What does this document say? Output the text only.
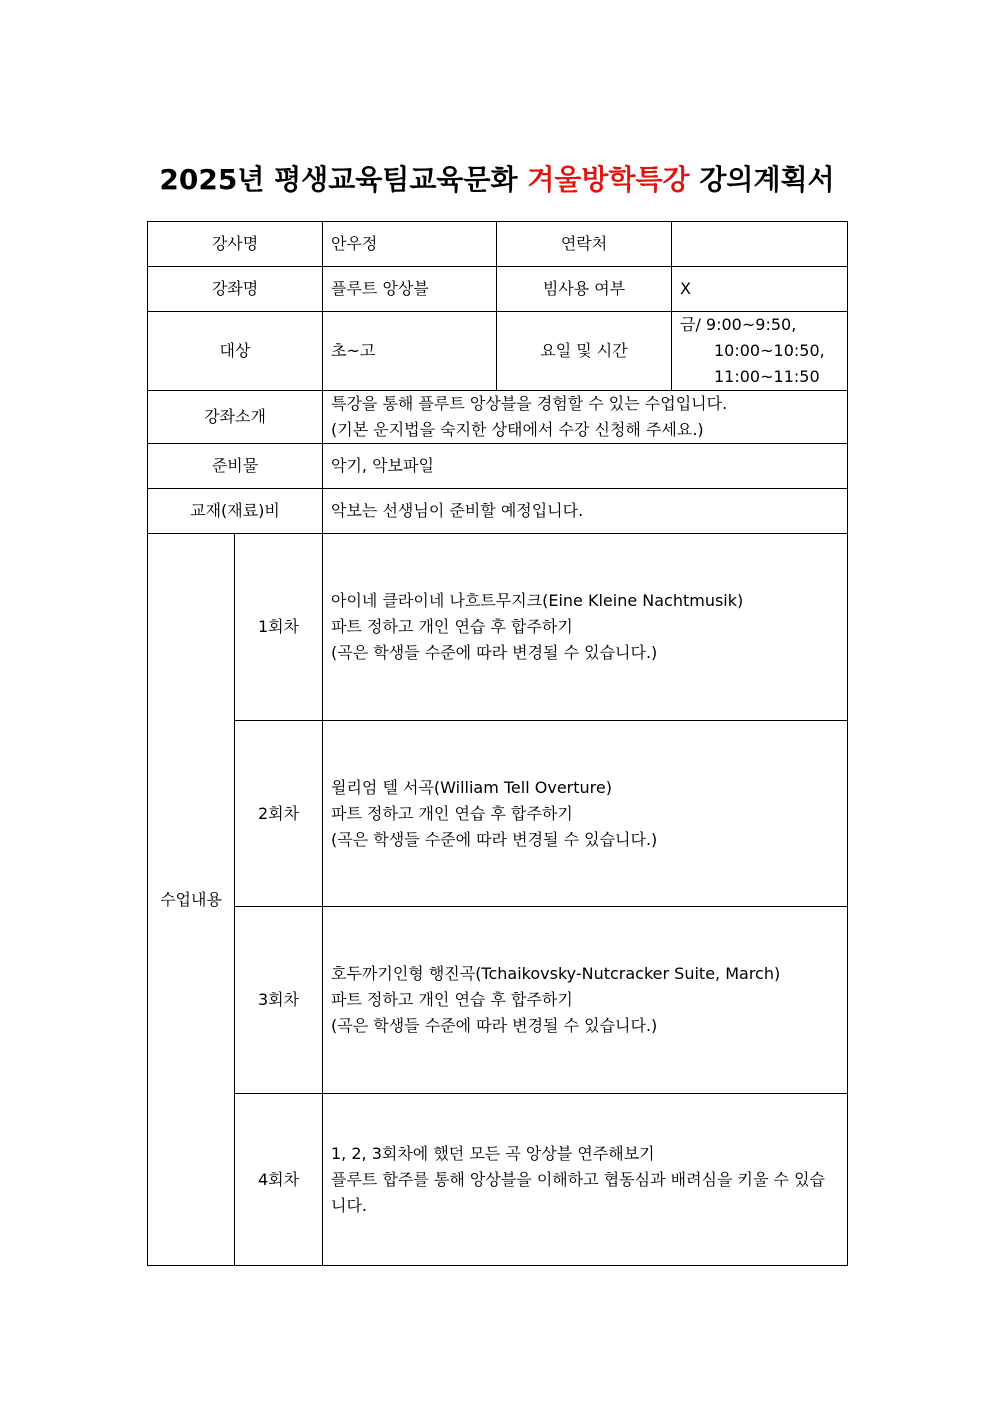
2025년 평생교육팀교육문화 겨울방학특강 강의계획서
강사명		안우정	연락처	
강좌명		플루트 앙상블	빔사용 여부	X
대상		초~고	요일 및 시간	금/ 9:00~9:50,
10:00~10:50,
11:00~11:50

강좌소개		특강을 통해 플루트 앙상블을 경험할 수 있는 수업입니다.
(기본 운지법을 숙지한 상태에서 수강 신청해 주세요.)		

준비물		악기, 악보파일		
교재(재료)비		악보는 선생님이 준비할 예정입니다.		
수업내용	1회차	아이네 클라이네 나흐트무지크(Eine Kleine Nachtmusik)
파트 정하고 개인 연습 후 합주하기
(곡은 학생들 수준에 따라 변경될 수 있습니다.)		

	2회차	윌리엄 텔 서곡(William Tell Overture)
파트 정하고 개인 연습 후 합주하기
(곡은 학생들 수준에 따라 변경될 수 있습니다.)		

	3회차	호두까기인형 행진곡(Tchaikovsky-Nutcracker Suite, March)
파트 정하고 개인 연습 후 합주하기
(곡은 학생들 수준에 따라 변경될 수 있습니다.)		

	4회차	1, 2, 3회차에 했던 모든 곡 앙상블 연주해보기
플루트 합주를 통해 앙상블을 이해하고 협동심과 배려심을 키울 수 있습니다.		
